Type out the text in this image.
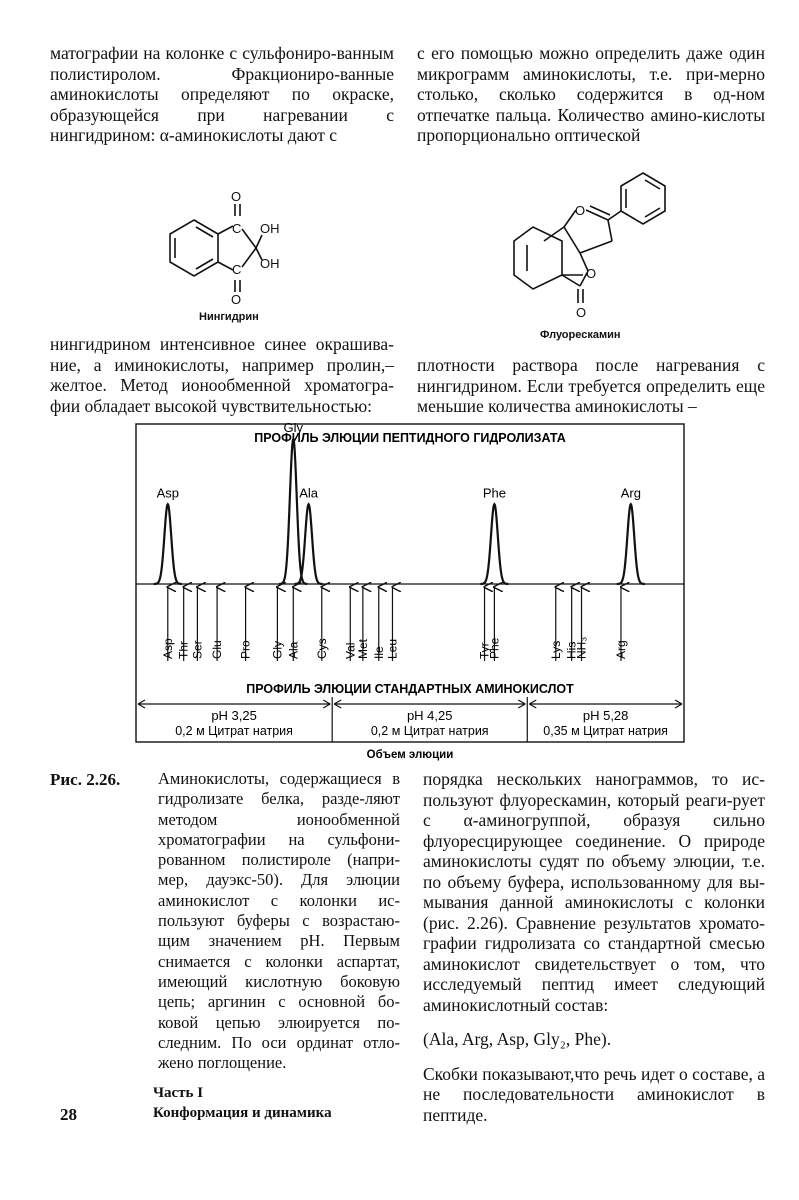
матографии на колонке с сульфониро-ванным полистиролом. Фракциониро-ванные аминокислоты определяют по окраске, образующейся при нагревании с нингидрином: α-аминокислоты дают с

с его помощью можно определить даже один микрограмм аминокислоты, т.е. при-мерно столько, сколько содержится в од-ном отпечатке пальца. Количество амино-кислоты пропорционально оптической

O
C OH
C OH
O
Нингидрин
O
O
O
Флуорескамин

нингидрином интенсивное синее окрашива-ние, а иминокислоты, например пролин,– желтое. Метод ионообменной хроматогра-фии обладает высокой чувствительностью:

плотности раствора после нагревания с нингидрином. Если требуется определить еще меньшие количества аминокислоты –

ПРОФИЛЬ ЭЛЮЦИИ ПЕПТИДНОГО ГИДРОЛИЗАТА
Asp
Gly
Ala	Phe	Arg
Asp Thr Ser Glu Pro Gly Ala Cys Val
Met Ile Leu	Tyr
Phe	Lys His
NH₃ Arg
ПРОФИЛЬ ЭЛЮЦИИ СТАНДАРТНЫХ АМИНОКИСЛОТ
pH 3,25
0,2 м Цитрат натрия
pH 4,25
0,2 м Цитрат натрия
pH 5,28
0,35 м Цитрат натрия
Объем элюции
Рис. 2.26. Аминокислоты, содержащиеся в гидролизате белка, разде-ляют методом ионообменной хроматографии на сульфони-рованном полистироле (напри-мер, дауэкс-50). Для элюции аминокислот с колонки ис-пользуют буферы с возрастаю-щим значением pH. Первым снимается с колонки аспартат, имеющий кислотную боковую цепь; аргинин с основной бо-ковой цепью элюируется по-следним. По оси ординат отло-жено поглощение.

порядка нескольких нанограммов, то ис-пользуют флуорескамин, который реаги-рует с α-аминогруппой, образуя сильно флуоресцирующее соединение. О природе аминокислоты судят по объему элюции, т.е. по объему буфера, использованному для вы-мывания данной аминокислоты с колонки (рис. 2.26). Сравнение результатов хромато-графии гидролизата со стандартной смесью аминокислот свидетельствует о том, что исследуемый пептид имеет следующий аминокислотный состав:

(Ala, Arg, Asp, Gly₂, Phe).

Скобки показывают,что речь идет о составе, а не последовательности аминокислот в пептиде.

28
Часть I
Конформация и динамика
